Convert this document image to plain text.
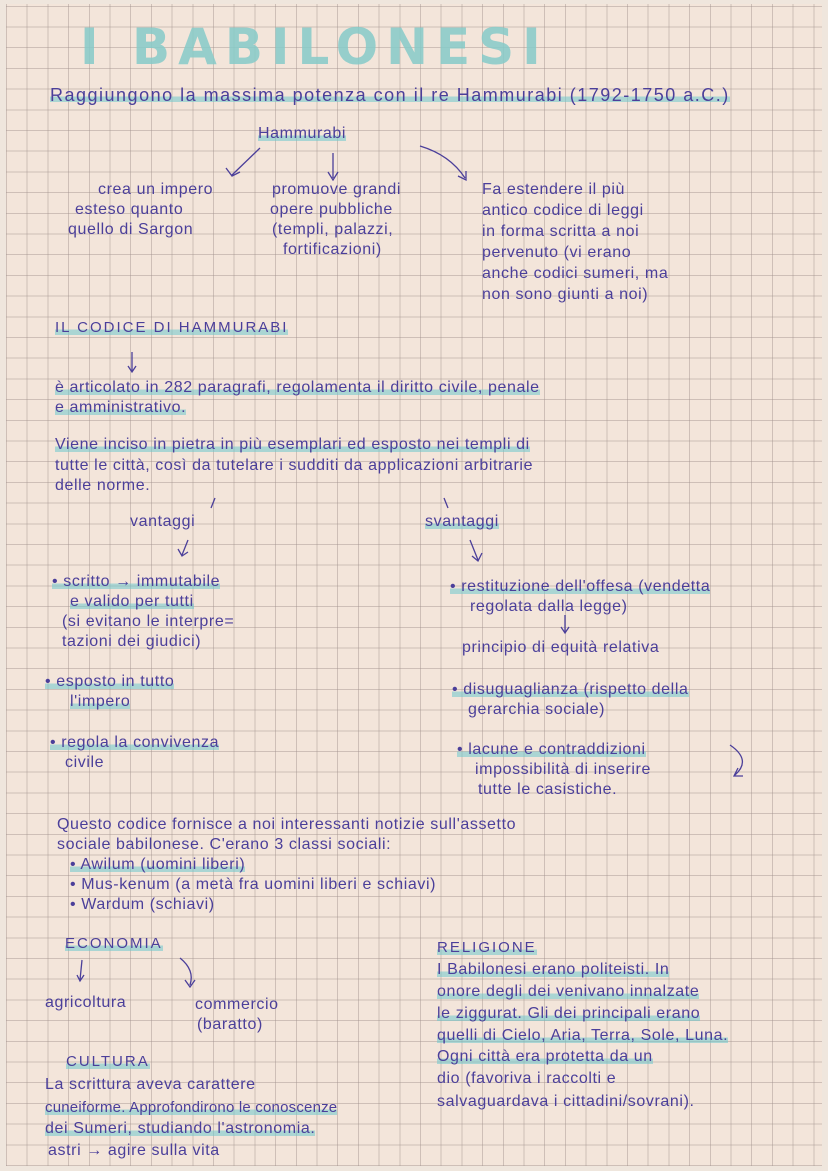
I BABILONESI
Raggiungono la massima potenza con il re Hammurabi (1792-1750 a.C.)
Hammurabi
crea un impero
esteso quanto
quello di Sargon
promuove grandi
opere pubbliche
(templi, palazzi,
fortificazioni)
Fa estendere il più
antico codice di leggi
in forma scritta a noi
pervenuto (vi erano
anche codici sumeri, ma
non sono giunti a noi)
IL CODICE DI HAMMURABI
è articolato in 282 paragrafi, regolamenta il diritto civile, penale
e amministrativo.
Viene inciso in pietra in più esemplari ed esposto nei templi di
tutte le città, così da tutelare i sudditi da applicazioni arbitrarie
delle norme.
vantaggi	svantaggi
• scritto → immutabile
e valido per tutti
(si evitano le interpre=
tazioni dei giudici)
• esposto in tutto
l'impero
• regola la convivenza
civile
• restituzione dell'offesa (vendetta
regolata dalla legge)
principio di equità relativa
• disuguaglianza (rispetto della
gerarchia sociale)
• lacune e contraddizioni
impossibilità di inserire
tutte le casistiche.
Questo codice fornisce a noi interessanti notizie sull'assetto
sociale babilonese. C'erano 3 classi sociali:
• Awilum (uomini liberi)
• Mus-kenum (a metà fra uomini liberi e schiavi)
• Wardum (schiavi)
ECONOMIA
agricoltura	commercio
(baratto)
CULTURA
La scrittura aveva carattere
cuneiforme. Approfondirono le conoscenze
dei Sumeri, studiando l'astronomia.
astri → agire sulla vita
RELIGIONE
I Babilonesi erano politeisti. In
onore degli dei venivano innalzate
le ziggurat. Gli dei principali erano
quelli di Cielo, Aria, Terra, Sole, Luna.
Ogni città era protetta da un
dio (favoriva i raccolti e
salvaguardava i cittadini/sovrani).
